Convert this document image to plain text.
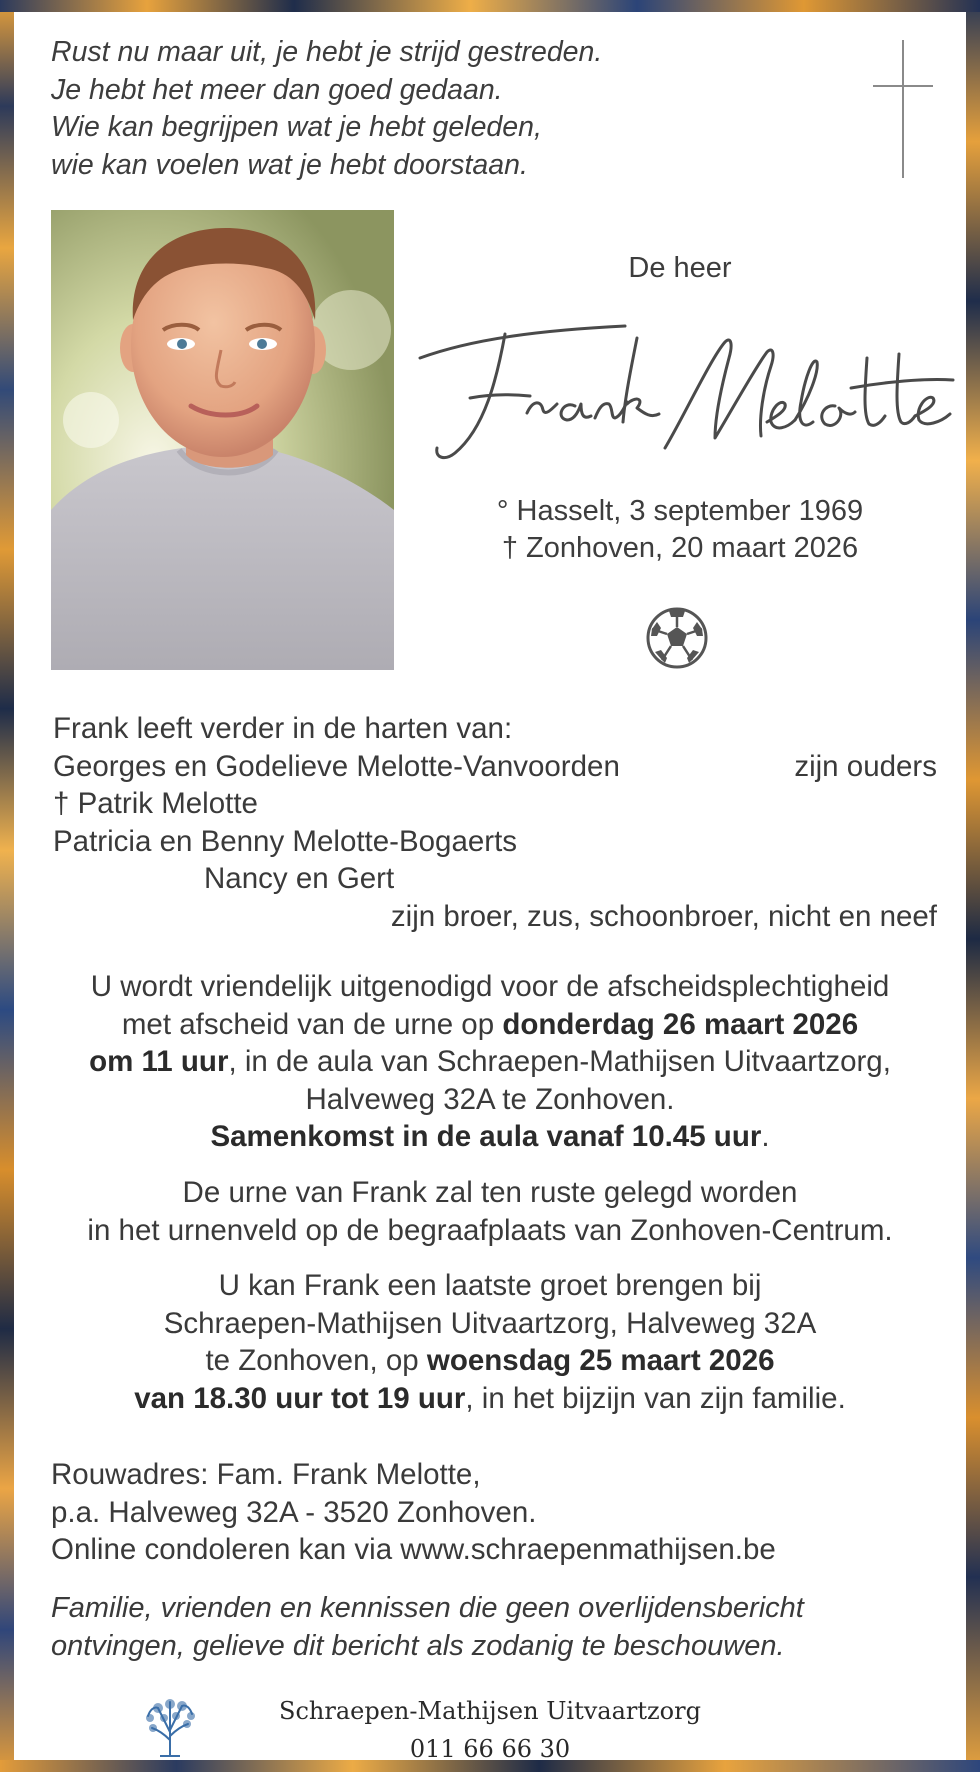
Rust nu maar uit, je hebt je strijd gestreden.

Je hebt het meer dan goed gedaan.

Wie kan begrijpen wat je hebt geleden,

wie kan voelen wat je hebt doorstaan.

De heer

° Hasselt, 3 september 1969

† Zonhoven, 20 maart 2026

Frank leeft verder in de harten van:
Georges en Godelieve Melotte-Vanvoorden	zijn ouders
† Patrik Melotte
Patricia en Benny Melotte-Bogaerts
Nancy en Gert
zijn broer, zus, schoonbroer, nicht en neef

U wordt vriendelijk uitgenodigd voor de afscheidsplechtigheid

met afscheid van de urne op donderdag 26 maart 2026

om 11 uur, in de aula van Schraepen-Mathijsen Uitvaartzorg,

Halveweg 32A te Zonhoven.

Samenkomst in de aula vanaf 10.45 uur.

De urne van Frank zal ten ruste gelegd worden

in het urnenveld op de begraafplaats van Zonhoven-Centrum.

U kan Frank een laatste groet brengen bij

Schraepen-Mathijsen Uitvaartzorg, Halveweg 32A

te Zonhoven, op woensdag 25 maart 2026

van 18.30 uur tot 19 uur, in het bijzijn van zijn familie.

Rouwadres: Fam. Frank Melotte,

p.a. Halveweg 32A - 3520 Zonhoven.

Online condoleren kan via www.schraepenmathijsen.be

Familie, vrienden en kennissen die geen overlijdensbericht

ontvingen, gelieve dit bericht als zodanig te beschouwen.

Schraepen-Mathijsen Uitvaartzorg

011 66 66 30
